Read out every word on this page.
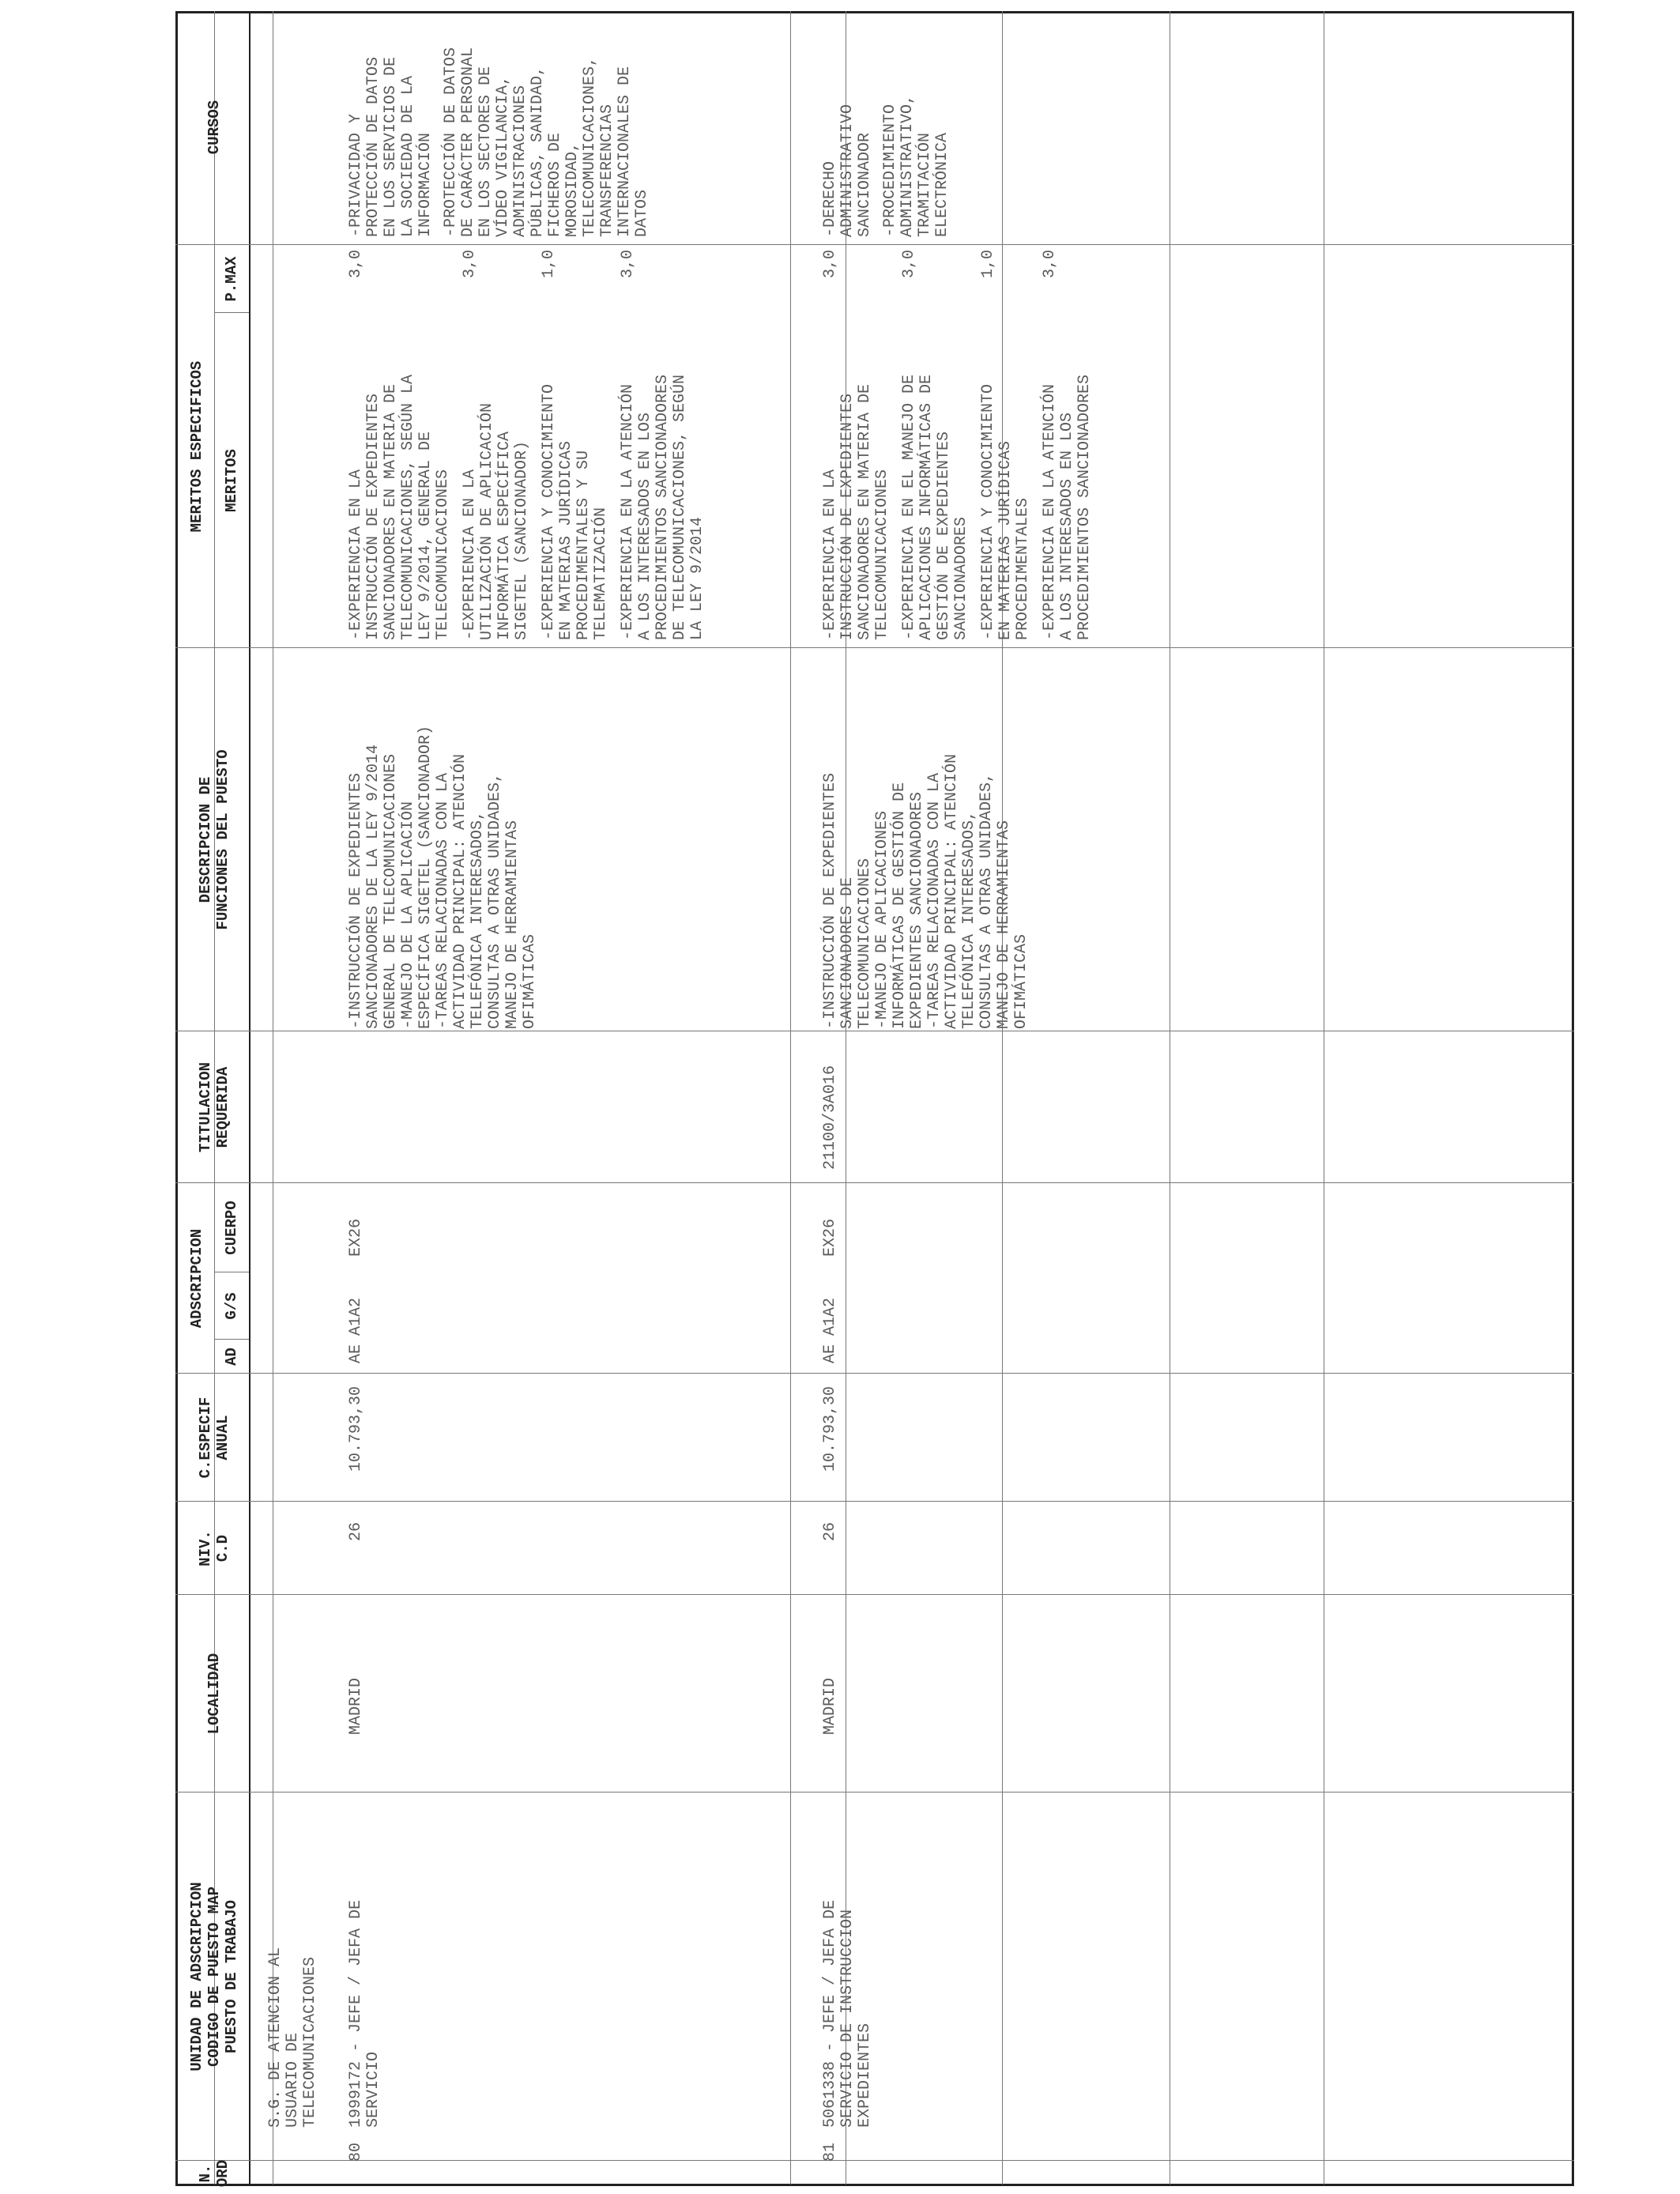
N.
ORD
UNIDAD DE ADSCRIPCION
CODIGO DE PUESTO MAP
PUESTO DE TRABAJO
LOCALIDAD
NIV.
C.D
C.ESPECIF
ANUAL
ADSCRIPCION
AD
G/S
CUERPO
TITULACION
REQUERIDA
DESCRIPCION DE
FUNCIONES DEL PUESTO
MERITOS ESPECIFICOS	MERITOS
P.MAX
CURSOS
S.G. DE ATENCION AL
USUARIO DE
TELECOMUNICACIONES
80
1999172 - JEFE / JEFA DE
SERVICIO
MADRID
26
10.793,30
AE
A1A2
EX26
-INSTRUCCIÓN DE EXPEDIENTES
SANCIONADORES DE LA LEY 9/2014
GENERAL DE TELECOMUNICACIONES
-MANEJO DE LA APLICACIÓN
ESPECÍFICA SIGETEL (SANCIONADOR)
-TAREAS RELACIONADAS CON LA
ACTIVIDAD PRINCIPAL: ATENCIÓN
TELEFÓNICA INTERESADOS,
CONSULTAS A OTRAS UNIDADES,
MANEJO DE HERRAMIENTAS
OFIMÁTICAS
-EXPERIENCIA EN LA
INSTRUCCIÓN DE EXPEDIENTES
SANCIONADORES EN MATERIA DE
TELECOMUNICACIONES, SEGÚN LA
LEY 9/2014, GENERAL DE
TELECOMUNICACIONES
3,0
-EXPERIENCIA EN LA
UTILIZACIÓN DE APLICACIÓN
INFORMÁTICA ESPECÍFICA
SIGETEL (SANCIONADOR)
3,0
-EXPERIENCIA Y CONOCIMIENTO
EN MATERIAS JURÍDICAS
PROCEDIMENTALES Y SU
TELEMATIZACIÓN
1,0
-EXPERIENCIA EN LA ATENCIÓN
A LOS INTERESADOS EN LOS
PROCEDIMIENTOS SANCIONADORES
DE TELECOMUNICACIONES, SEGÚN
LA LEY 9/2014
3,0
-PRIVACIDAD Y
PROTECCIÓN DE DATOS
EN LOS SERVICIOS DE
LA SOCIEDAD DE LA
INFORMACIÓN -PROTECCIÓN DE DATOS
DE CARÁCTER PERSONAL
EN LOS SECTORES DE
VÍDEO VIGILANCIA,
ADMINISTRACIONES
PÚBLICAS, SANIDAD,
FICHEROS DE
MOROSIDAD,
TELECOMUNICACIONES,
TRANSFERENCIAS
INTERNACIONALES DE
DATOS
81
5061338 - JEFE / JEFA DE
SERVICIO DE INSTRUCCION
EXPEDIENTES
MADRID
26
10.793,30
AE
A1A2
EX26
21100/3A016
-INSTRUCCIÓN DE EXPEDIENTES
SANCIONADORES DE
TELECOMUNICACIONES
-MANEJO DE APLICACIONES
INFORMÁTICAS DE GESTIÓN DE
EXPEDIENTES SANCIONADORES
-TAREAS RELACIONADAS CON LA
ACTIVIDAD PRINCIPAL: ATENCIÓN
TELEFÓNICA INTERESADOS,
CONSULTAS A OTRAS UNIDADES,
MANEJO DE HERRAMIENTAS
OFIMÁTICAS
-EXPERIENCIA EN LA
INSTRUCCIÓN DE EXPEDIENTES
SANCIONADORES EN MATERIA DE
TELECOMUNICACIONES
3,0
-EXPERIENCIA EN EL MANEJO DE
APLICACIONES INFORMÁTICAS DE
GESTIÓN DE EXPEDIENTES
SANCIONADORES
3,0
-EXPERIENCIA Y CONOCIMIENTO
EN MATERIAS JURÍDICAS
PROCEDIMENTALES
1,0
-EXPERIENCIA EN LA ATENCIÓN
A LOS INTERESADOS EN LOS
PROCEDIMIENTOS SANCIONADORES
3,0
-DERECHO
ADMINISTRATIVO
SANCIONADOR -PROCEDIMIENTO
ADMINISTRATIVO,
TRAMITACIÓN
ELECTRÓNICA
